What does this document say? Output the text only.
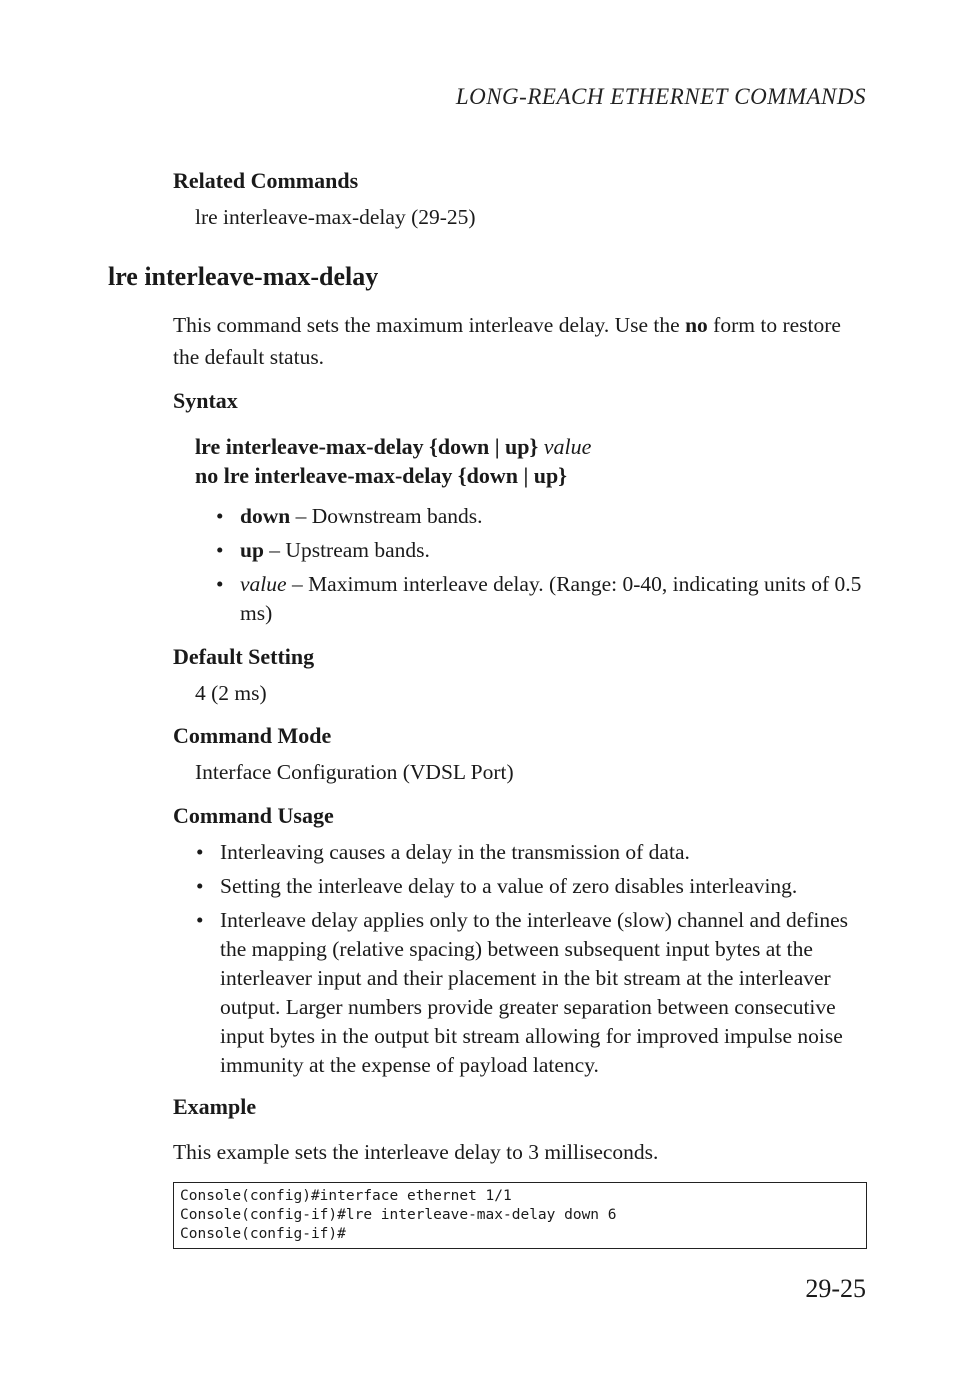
LONG-REACH ETHERNET COMMANDS
Related Commands
lre interleave-max-delay (29-25)
lre interleave-max-delay
This command sets the maximum interleave delay. Use the no form to restore the default status.
Syntax
lre interleave-max-delay {down | up} value
no lre interleave-max-delay {down | up}
• down – Downstream bands.
• up – Upstream bands.
• value – Maximum interleave delay. (Range: 0-40, indicating units of 0.5 ms)
Default Setting
4 (2 ms)
Command Mode
Interface Configuration (VDSL Port)
Command Usage
• Interleaving causes a delay in the transmission of data.
• Setting the interleave delay to a value of zero disables interleaving.
• Interleave delay applies only to the interleave (slow) channel and defines the mapping (relative spacing) between subsequent input bytes at the interleaver input and their placement in the bit stream at the interleaver output. Larger numbers provide greater separation between consecutive input bytes in the output bit stream allowing for improved impulse noise immunity at the expense of payload latency.
Example
This example sets the interleave delay to 3 milliseconds.
Console(config)#interface ethernet 1/1
Console(config-if)#lre interleave-max-delay down 6
Console(config-if)#
29-25
